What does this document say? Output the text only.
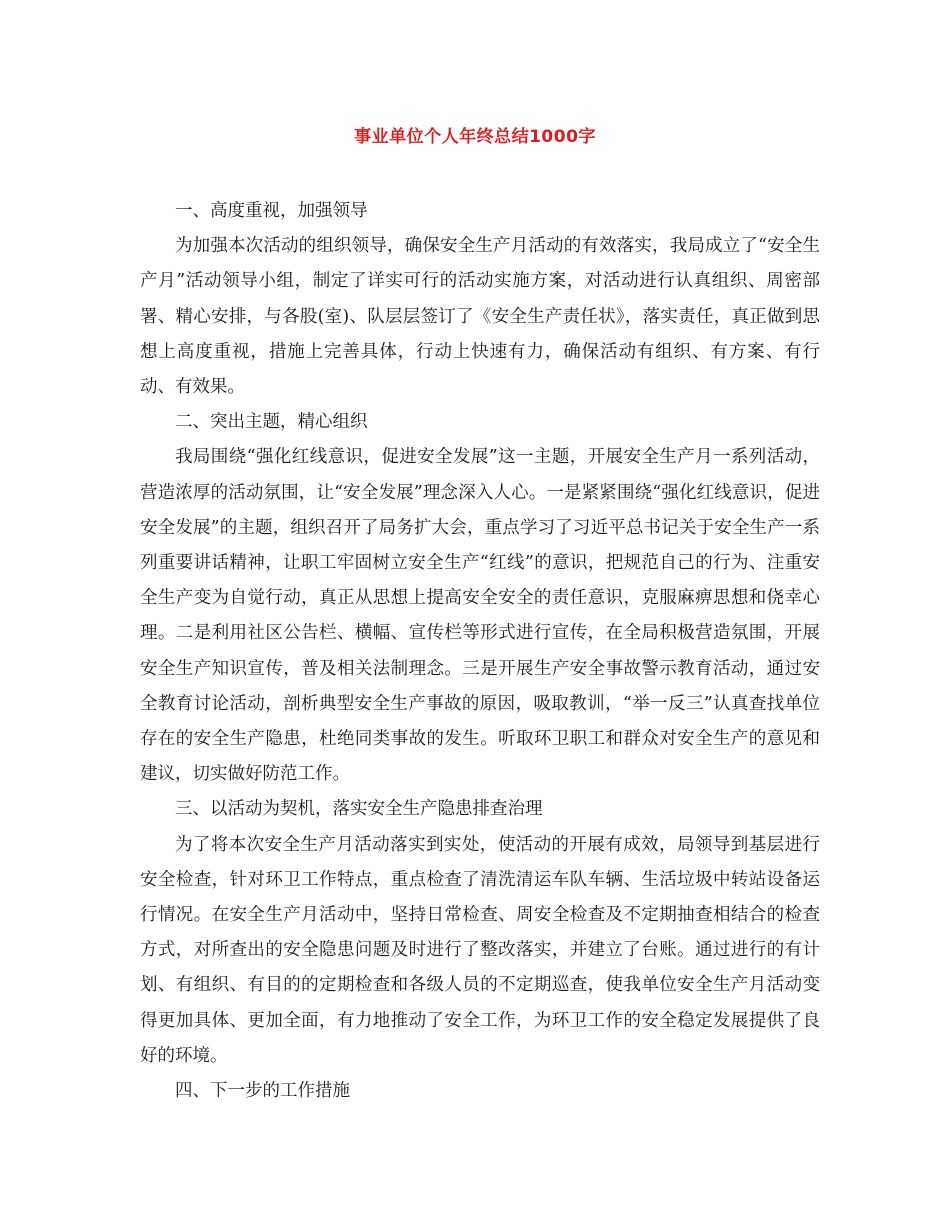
事业单位个人年终总结1000字

一、高度重视，加强领导

为加强本次活动的组织领导，确保安全生产月活动的有效落实，我局成立了“安全生产月”活动领导小组，制定了详实可行的活动实施方案，对活动进行认真组织、周密部署、精心安排，与各股(室)、队层层签订了《安全生产责任状》，落实责任，真正做到思想上高度重视，措施上完善具体，行动上快速有力，确保活动有组织、有方案、有行动、有效果。

二、突出主题，精心组织

我局围绕“强化红线意识，促进安全发展”这一主题，开展安全生产月一系列活动，营造浓厚的活动氛围，让“安全发展”理念深入人心。一是紧紧围绕“强化红线意识，促进安全发展”的主题，组织召开了局务扩大会，重点学习了习近平总书记关于安全生产一系列重要讲话精神，让职工牢固树立安全生产“红线”的意识，把规范自己的行为、注重安全生产变为自觉行动，真正从思想上提高安全安全的责任意识，克服麻痹思想和侥幸心理。二是利用社区公告栏、横幅、宣传栏等形式进行宣传，在全局积极营造氛围，开展安全生产知识宣传，普及相关法制理念。三是开展生产安全事故警示教育活动，通过安全教育讨论活动，剖析典型安全生产事故的原因，吸取教训，“举一反三”认真查找单位存在的安全生产隐患，杜绝同类事故的发生。听取环卫职工和群众对安全生产的意见和建议，切实做好防范工作。

三、以活动为契机，落实安全生产隐患排查治理

为了将本次安全生产月活动落实到实处，使活动的开展有成效，局领导到基层进行安全检查，针对环卫工作特点，重点检查了清洗清运车队车辆、生活垃圾中转站设备运行情况。在安全生产月活动中，坚持日常检查、周安全检查及不定期抽查相结合的检查方式，对所查出的安全隐患问题及时进行了整改落实，并建立了台账。通过进行的有计划、有组织、有目的的定期检查和各级人员的不定期巡查，使我单位安全生产月活动变得更加具体、更加全面，有力地推动了安全工作，为环卫工作的安全稳定发展提供了良好的环境。

四、下一步的工作措施
